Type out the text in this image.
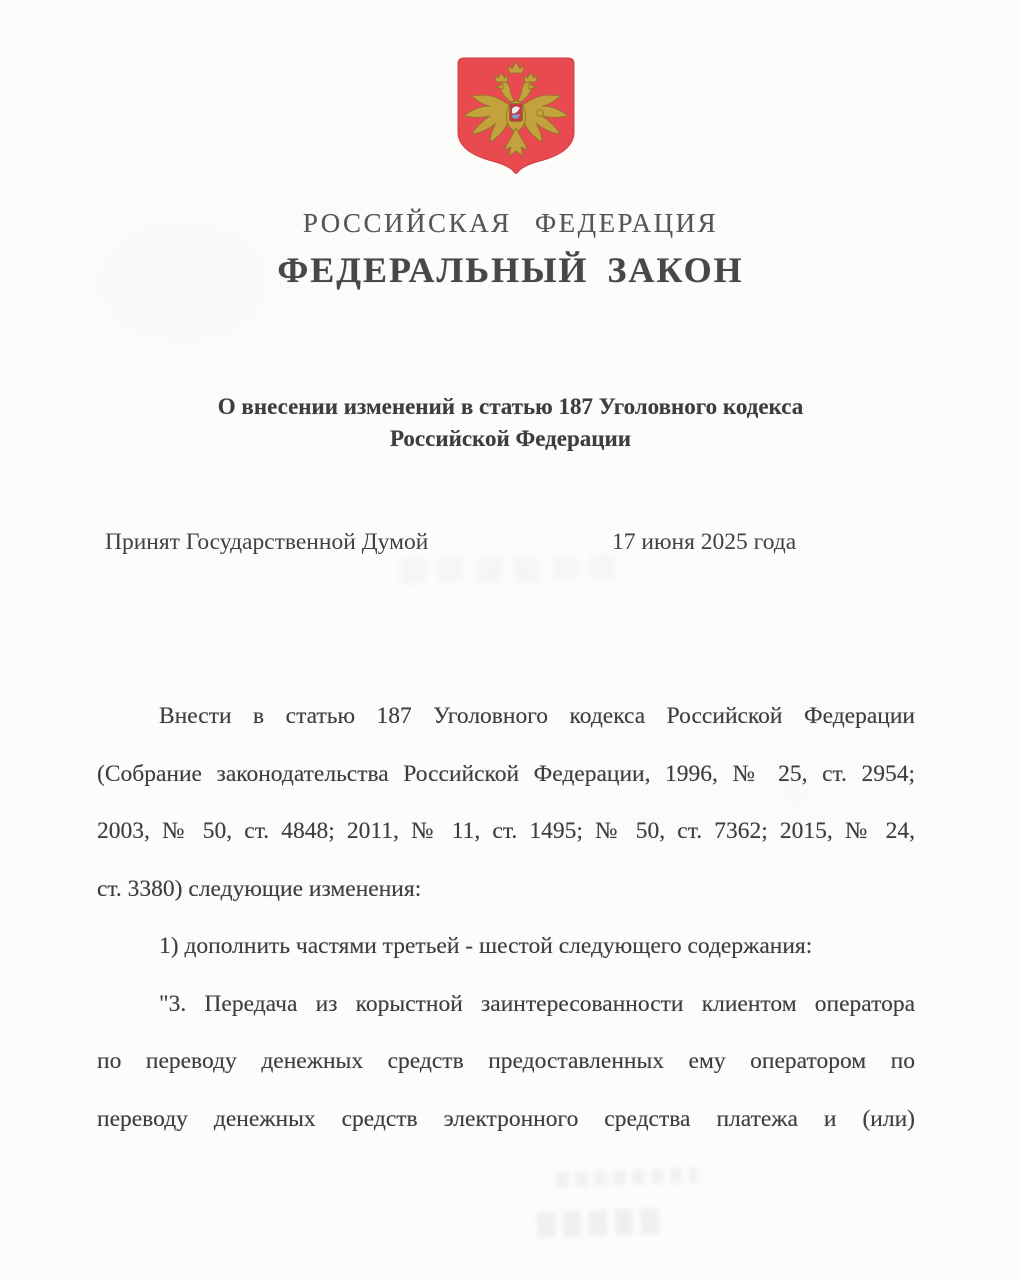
РОССИЙСКАЯ ФЕДЕРАЦИЯ
ФЕДЕРАЛЬНЫЙ ЗАКОН
О внесении изменений в статью 187 Уголовного кодекса
Российской Федерации
Принят Государственной Думой	17 июня 2025 года
Внести в статью 187 Уголовного кодекса Российской Федерации
(Собрание законодательства Российской Федерации, 1996, № 25, ст. 2954;
2003, № 50, ст. 4848; 2011, № 11, ст. 1495; № 50, ст. 7362; 2015, № 24,
ст. 3380) следующие изменения:
1) дополнить частями третьей - шестой следующего содержания:
"3. Передача из корыстной заинтересованности клиентом оператора
по переводу денежных средств предоставленных ему оператором по
переводу денежных средств электронного средства платежа и (или)
